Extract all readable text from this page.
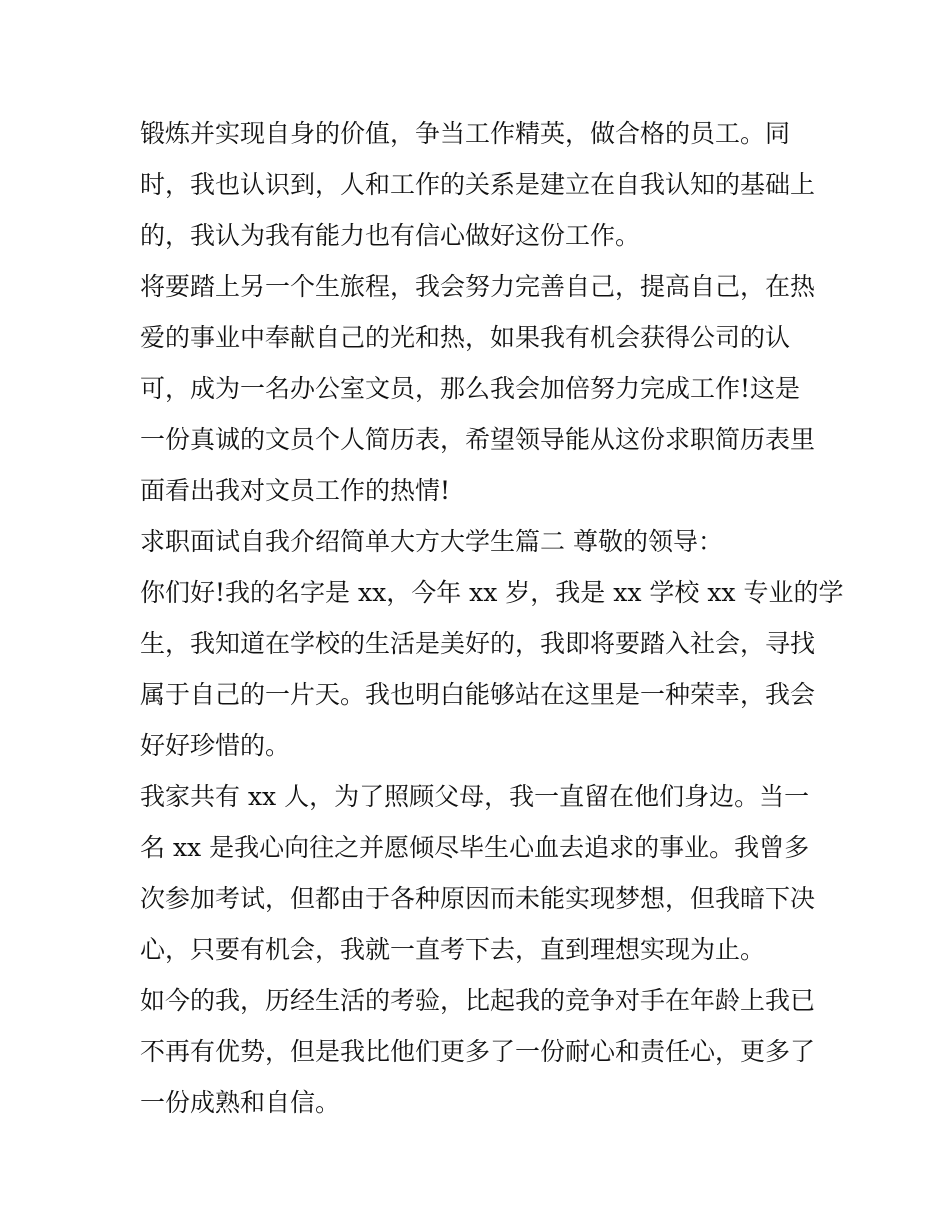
锻炼并实现自身的价值，争当工作精英，做合格的员工。同
时，我也认识到，人和工作的关系是建立在自我认知的基础上
的，我认为我有能力也有信心做好这份工作。
将要踏上另一个生旅程，我会努力完善自己，提高自己，在热
爱的事业中奉献自己的光和热，如果我有机会获得公司的认
可，成为一名办公室文员，那么我会加倍努力完成工作!这是
一份真诚的文员个人简历表，希望领导能从这份求职简历表里
面看出我对文员工作的热情!
求职面试自我介绍简单大方大学生篇二 尊敬的领导：
你们好!我的名字是 xx，今年 xx 岁，我是 xx 学校 xx 专业的学
生，我知道在学校的生活是美好的，我即将要踏入社会，寻找
属于自己的一片天。我也明白能够站在这里是一种荣幸，我会
好好珍惜的。
我家共有 xx 人，为了照顾父母，我一直留在他们身边。当一
名 xx 是我心向往之并愿倾尽毕生心血去追求的事业。我曾多
次参加考试，但都由于各种原因而未能实现梦想，但我暗下决
心，只要有机会，我就一直考下去，直到理想实现为止。
如今的我，历经生活的考验，比起我的竞争对手在年龄上我已
不再有优势，但是我比他们更多了一份耐心和责任心，更多了
一份成熟和自信。
